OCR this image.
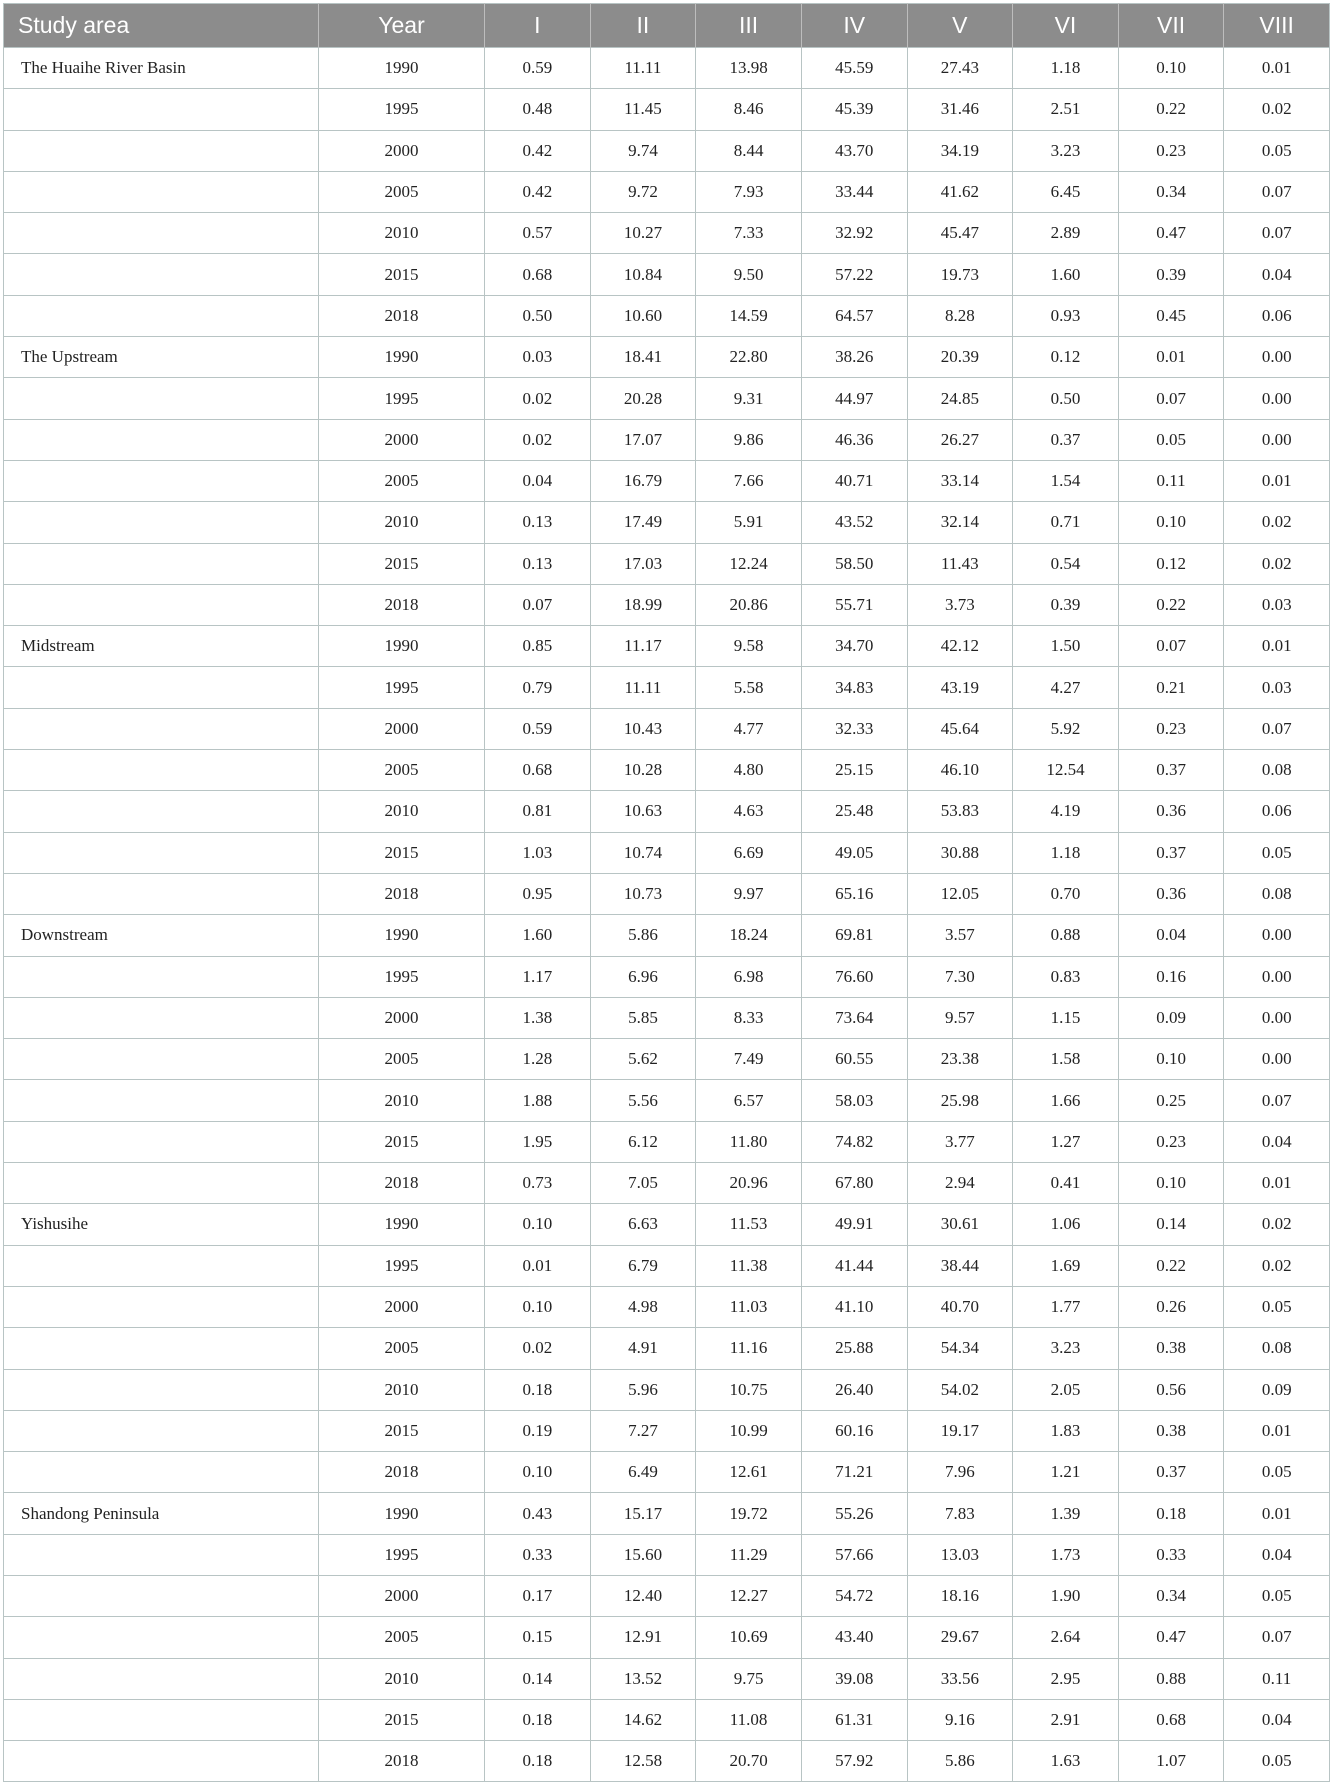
Study area	Year	I	II	III	IV	V	VI	VII	VIII
The Huaihe River Basin	1990	0.59	11.11	13.98	45.59	27.43	1.18	0.10	0.01
	1995	0.48	11.45	8.46	45.39	31.46	2.51	0.22	0.02
	2000	0.42	9.74	8.44	43.70	34.19	3.23	0.23	0.05
	2005	0.42	9.72	7.93	33.44	41.62	6.45	0.34	0.07
	2010	0.57	10.27	7.33	32.92	45.47	2.89	0.47	0.07
	2015	0.68	10.84	9.50	57.22	19.73	1.60	0.39	0.04
	2018	0.50	10.60	14.59	64.57	8.28	0.93	0.45	0.06
The Upstream	1990	0.03	18.41	22.80	38.26	20.39	0.12	0.01	0.00
	1995	0.02	20.28	9.31	44.97	24.85	0.50	0.07	0.00
	2000	0.02	17.07	9.86	46.36	26.27	0.37	0.05	0.00
	2005	0.04	16.79	7.66	40.71	33.14	1.54	0.11	0.01
	2010	0.13	17.49	5.91	43.52	32.14	0.71	0.10	0.02
	2015	0.13	17.03	12.24	58.50	11.43	0.54	0.12	0.02
	2018	0.07	18.99	20.86	55.71	3.73	0.39	0.22	0.03
Midstream	1990	0.85	11.17	9.58	34.70	42.12	1.50	0.07	0.01
	1995	0.79	11.11	5.58	34.83	43.19	4.27	0.21	0.03
	2000	0.59	10.43	4.77	32.33	45.64	5.92	0.23	0.07
	2005	0.68	10.28	4.80	25.15	46.10	12.54	0.37	0.08
	2010	0.81	10.63	4.63	25.48	53.83	4.19	0.36	0.06
	2015	1.03	10.74	6.69	49.05	30.88	1.18	0.37	0.05
	2018	0.95	10.73	9.97	65.16	12.05	0.70	0.36	0.08
Downstream	1990	1.60	5.86	18.24	69.81	3.57	0.88	0.04	0.00
	1995	1.17	6.96	6.98	76.60	7.30	0.83	0.16	0.00
	2000	1.38	5.85	8.33	73.64	9.57	1.15	0.09	0.00
	2005	1.28	5.62	7.49	60.55	23.38	1.58	0.10	0.00
	2010	1.88	5.56	6.57	58.03	25.98	1.66	0.25	0.07
	2015	1.95	6.12	11.80	74.82	3.77	1.27	0.23	0.04
	2018	0.73	7.05	20.96	67.80	2.94	0.41	0.10	0.01
Yishusihe	1990	0.10	6.63	11.53	49.91	30.61	1.06	0.14	0.02
	1995	0.01	6.79	11.38	41.44	38.44	1.69	0.22	0.02
	2000	0.10	4.98	11.03	41.10	40.70	1.77	0.26	0.05
	2005	0.02	4.91	11.16	25.88	54.34	3.23	0.38	0.08
	2010	0.18	5.96	10.75	26.40	54.02	2.05	0.56	0.09
	2015	0.19	7.27	10.99	60.16	19.17	1.83	0.38	0.01
	2018	0.10	6.49	12.61	71.21	7.96	1.21	0.37	0.05
Shandong Peninsula	1990	0.43	15.17	19.72	55.26	7.83	1.39	0.18	0.01
	1995	0.33	15.60	11.29	57.66	13.03	1.73	0.33	0.04
	2000	0.17	12.40	12.27	54.72	18.16	1.90	0.34	0.05
	2005	0.15	12.91	10.69	43.40	29.67	2.64	0.47	0.07
	2010	0.14	13.52	9.75	39.08	33.56	2.95	0.88	0.11
	2015	0.18	14.62	11.08	61.31	9.16	2.91	0.68	0.04
	2018	0.18	12.58	20.70	57.92	5.86	1.63	1.07	0.05
